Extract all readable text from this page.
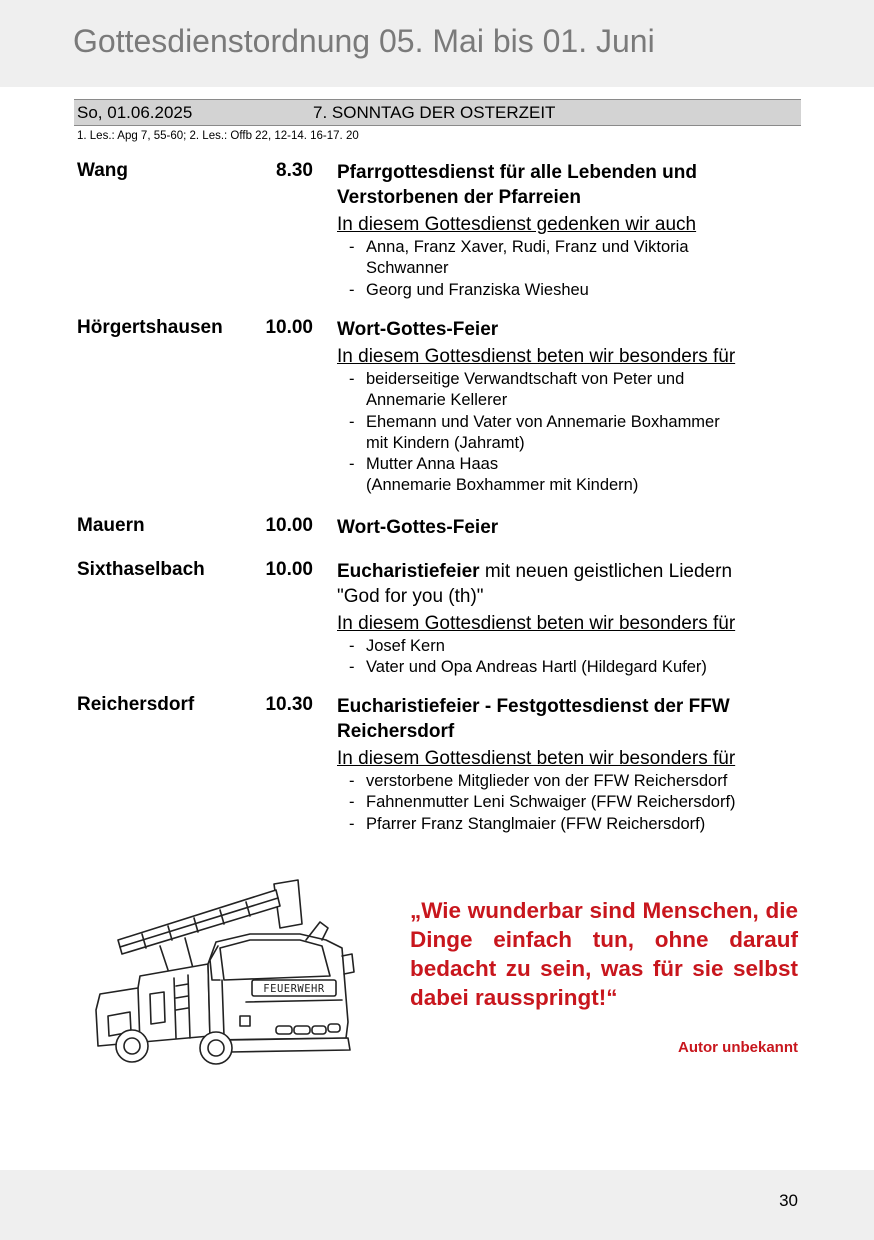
Gottesdienstordnung 05. Mai bis 01. Juni
So, 01.06.2025	7. SONNTAG DER OSTERZEIT
1. Les.: Apg 7, 55-60; 2. Les.: Offb 22, 12-14. 16-17. 20
Wang	8.30 Pfarrgottesdienst für alle Lebenden und
Verstorbenen der Pfarreien
In diesem Gottesdienst gedenken wir auch
- Anna, Franz Xaver, Rudi, Franz und Viktoria
Schwanner
- Georg und Franziska Wiesheu
Hörgertshausen	10.00 Wort-Gottes-Feier
In diesem Gottesdienst beten wir besonders für
- beiderseitige Verwandtschaft von Peter und
Annemarie Kellerer
- Ehemann und Vater von Annemarie Boxhammer
mit Kindern (Jahramt)
- Mutter Anna Haas
(Annemarie Boxhammer mit Kindern)
Mauern	10.00 Wort-Gottes-Feier
Sixthaselbach	10.00 Eucharistiefeier mit neuen geistlichen Liedern
"God for you (th)"
In diesem Gottesdienst beten wir besonders für
- Josef Kern
- Vater und Opa Andreas Hartl (Hildegard Kufer)
Reichersdorf	10.30 Eucharistiefeier - Festgottesdienst der FFW
Reichersdorf
In diesem Gottesdienst beten wir besonders für
- verstorbene Mitglieder von der FFW Reichersdorf
- Fahnenmutter Leni Schwaiger (FFW Reichersdorf)
- Pfarrer Franz Stanglmaier (FFW Reichersdorf)
FEUERWEHR
„Wie wunderbar sind Menschen, die Dinge einfach tun, ohne darauf bedacht zu sein, was für sie selbst dabei rausspringt!“
Autor unbekannt
30
